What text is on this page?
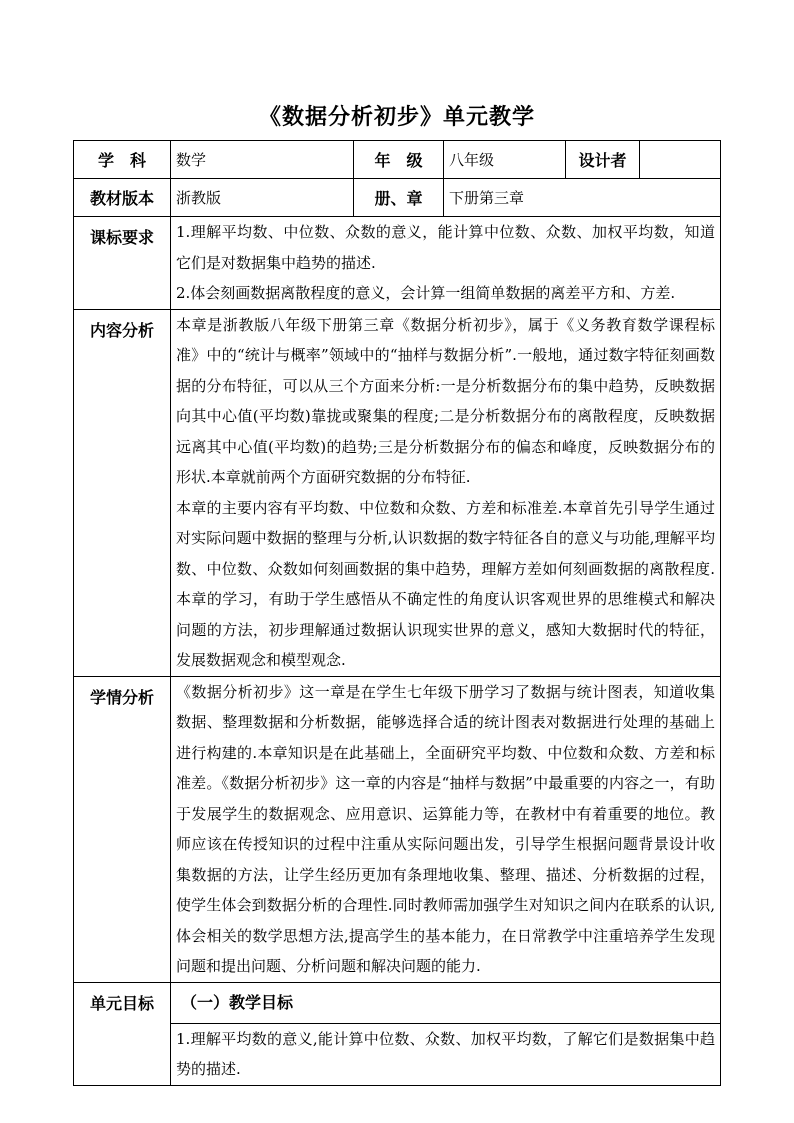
《数据分析初步》单元教学
学　科	数学	年　级	八年级	设计者	
教材版本	浙教版	册、章	下册第三章		
课标要求	1.理解平均数、中位数、众数的意义，能计算中位数、众数、加权平均数，知道它们是对数据集中趋势的描述.

2.体会刻画数据离散程度的意义，会计算一组简单数据的离差平方和、方差.				

内容分析	本章是浙教版八年级下册第三章《数据分析初步》，属于《义务教育数学课程标准》中的“统计与概率”领域中的“抽样与数据分析”.一般地，通过数字特征刻画数据的分布特征，可以从三个方面来分析:一是分析数据分布的集中趋势，反映数据向其中心值(平均数)靠拢或聚集的程度;二是分析数据分布的离散程度，反映数据远离其中心值(平均数)的趋势;三是分析数据分布的偏态和峰度，反映数据分布的形状.本章就前两个方面研究数据的分布特征.

本章的主要内容有平均数、中位数和众数、方差和标准差.本章首先引导学生通过对实际问题中数据的整理与分析,认识数据的数字特征各自的意义与功能,理解平均数、中位数、众数如何刻画数据的集中趋势，理解方差如何刻画数据的离散程度.本章的学习，有助于学生感悟从不确定性的角度认识客观世界的思维模式和解决问题的方法，初步理解通过数据认识现实世界的意义，感知大数据时代的特征，发展数据观念和模型观念.				

学情分析	《数据分析初步》这一章是在学生七年级下册学习了数据与统计图表，知道收集数据、整理数据和分析数据，能够选择合适的统计图表对数据进行处理的基础上进行构建的.本章知识是在此基础上，全面研究平均数、中位数和众数、方差和标准差。《数据分析初步》这一章的内容是“抽样与数据”中最重要的内容之一，有助于发展学生的数据观念、应用意识、运算能力等，在教材中有着重要的地位。教师应该在传授知识的过程中注重从实际问题出发，引导学生根据问题背景设计收集数据的方法，让学生经历更加有条理地收集、整理、描述、分析数据的过程，使学生体会到数据分析的合理性.同时教师需加强学生对知识之间内在联系的认识,体会相关的数学思想方法,提高学生的基本能力，在日常教学中注重培养学生发现问题和提出问题、分析问题和解决问题的能力.				

单元目标	（一）教学目标				
	1.理解平均数的意义,能计算中位数、众数、加权平均数，了解它们是数据集中趋势的描述.				
